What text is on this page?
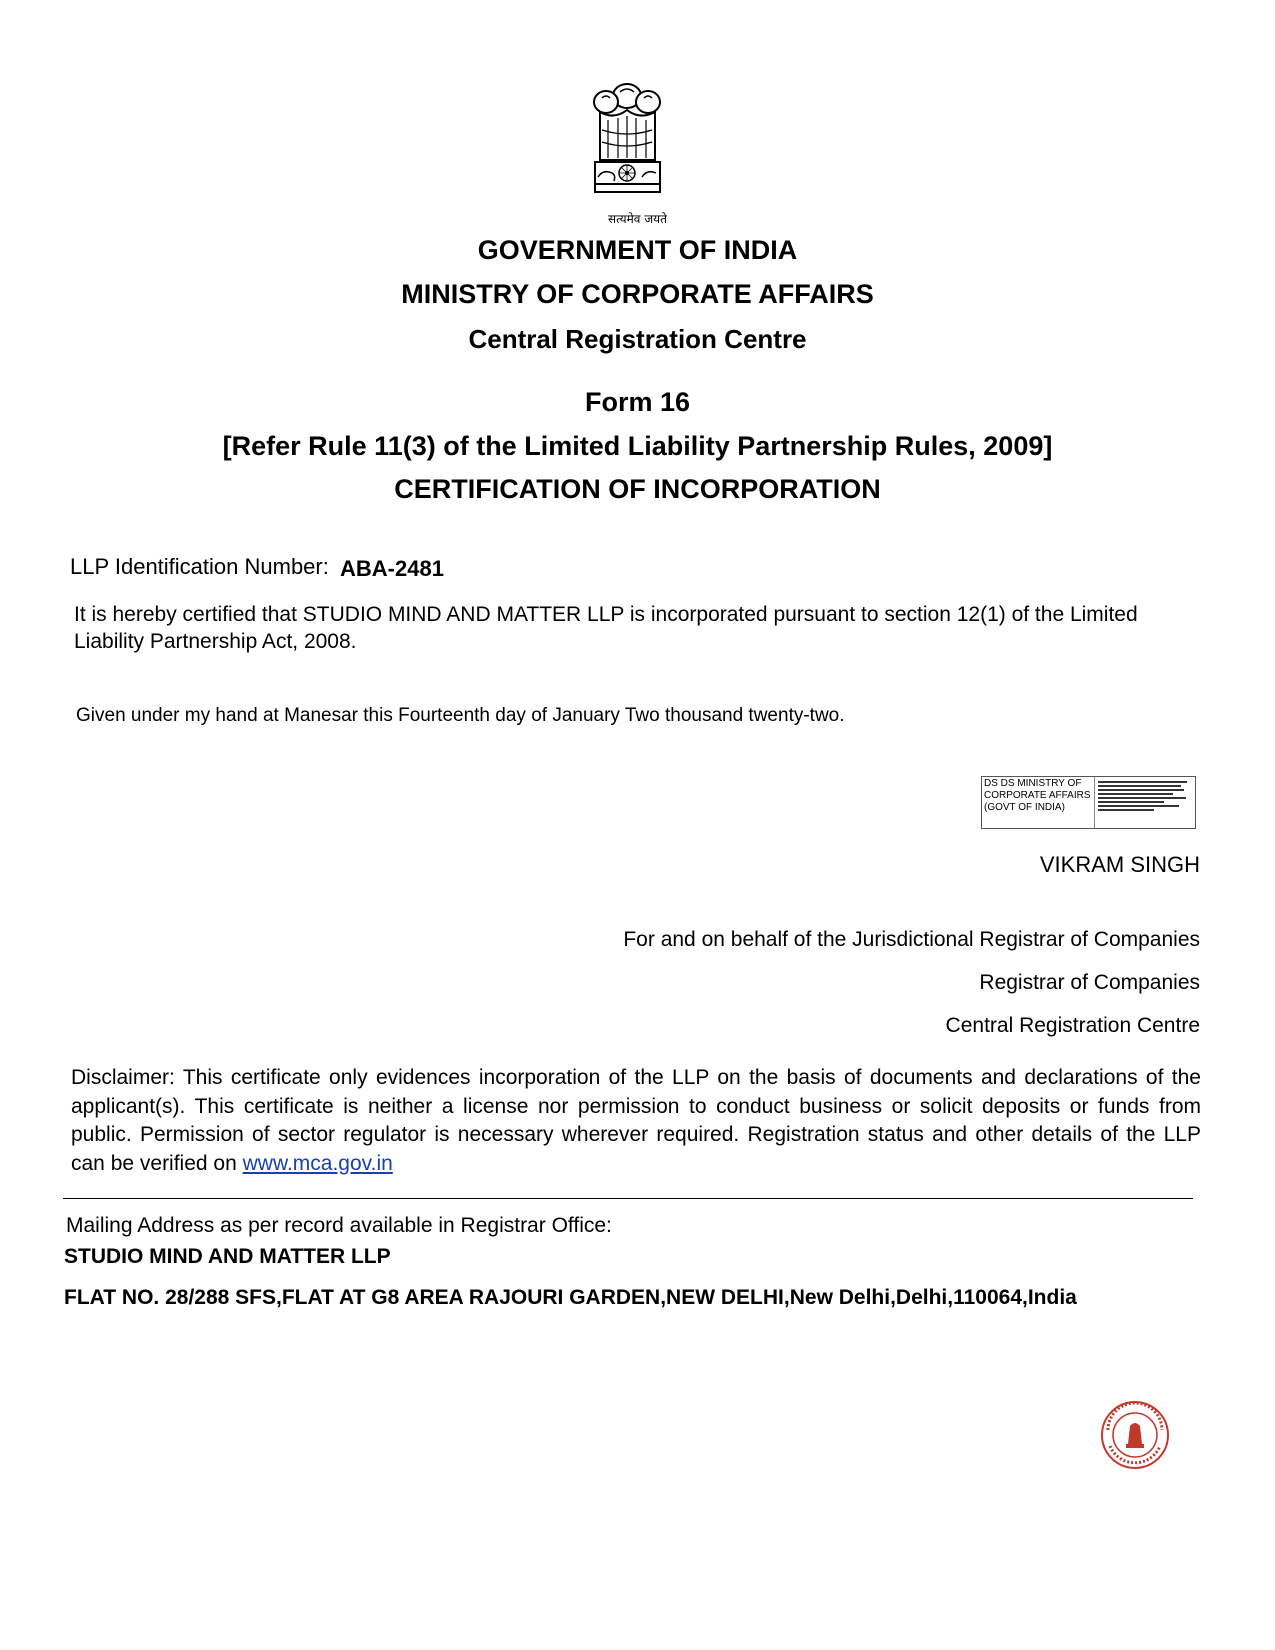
सत्यमेव जयते
GOVERNMENT OF INDIA
MINISTRY OF CORPORATE AFFAIRS
Central Registration Centre
Form 16
[Refer Rule 11(3) of the Limited Liability Partnership Rules, 2009]
CERTIFICATION OF INCORPORATION
LLP Identification Number: ABA-2481
It is hereby certified that STUDIO MIND AND MATTER LLP is incorporated pursuant to section 12(1) of the Limited Liability Partnership Act, 2008.
Given under my hand at Manesar this Fourteenth day of January Two thousand twenty-two.
DS DS MINISTRY OF CORPORATE AFFAIRS (GOVT OF INDIA)
VIKRAM SINGH
For and on behalf of the Jurisdictional Registrar of Companies
Registrar of Companies
Central Registration Centre
Disclaimer: This certificate only evidences incorporation of the LLP on the basis of documents and declarations of the applicant(s). This certificate is neither a license nor permission to conduct business or solicit deposits or funds from public. Permission of sector regulator is necessary wherever required. Registration status and other details of the LLP can be verified on www.mca.gov.in
Mailing Address as per record available in Registrar Office:
STUDIO MIND AND MATTER LLP
FLAT NO. 28/288 SFS,FLAT AT G8 AREA RAJOURI GARDEN,NEW DELHI,New Delhi,Delhi,110064,India
